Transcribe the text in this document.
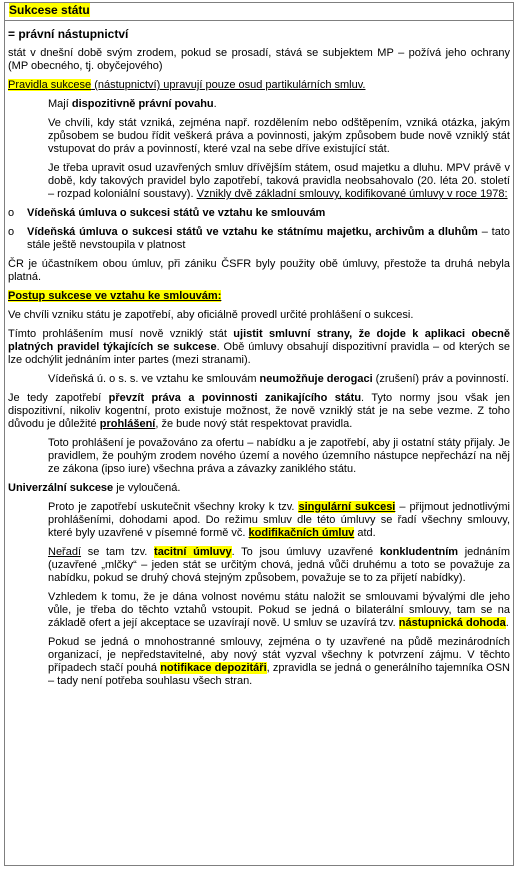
Sukcese státu
= právní nástupnictví

stát v dnešní době svým zrodem, pokud se prosadí, stává se subjektem MP – požívá jeho ochrany (MP obecného, tj. obyčejového)

Pravidla sukcese (nástupnictví) upravují pouze osud partikulárních smluv.

Mají dispozitivně právní povahu.

Ve chvíli, kdy stát vzniká, zejména např. rozdělením nebo odštěpením, vzniká otázka, jakým způsobem se budou řídit veškerá práva a povinnosti, jakým způsobem bude nově vzniklý stát vstupovat do práv a povinností, které vzal na sebe dříve existující stát.

Je třeba upravit osud uzavřených smluv dřívějším státem, osud majetku a dluhu. MPV právě v době, kdy takových pravidel bylo zapotřebí, taková pravidla neobsahovalo (20. léta 20. století – rozpad koloniální soustavy). Vznikly dvě základní smlouvy, kodifikované úmluvy v roce 1978:

o Vídeňská úmluva o sukcesi států ve vztahu ke smlouvám
o Vídeňská úmluva o sukcesi států ve vztahu ke státnímu majetku, archivům a dluhům – tato stále ještě nevstoupila v platnost

ČR je účastníkem obou úmluv, při zániku ČSFR byly použity obě úmluvy, přestože ta druhá nebyla platná.

Postup sukcese ve vztahu ke smlouvám:

Ve chvíli vzniku státu je zapotřebí, aby oficiálně provedl určité prohlášení o sukcesi.

Tímto prohlášením musí nově vzniklý stát ujistit smluvní strany, že dojde k aplikaci obecně platných pravidel týkajících se sukcese. Obě úmluvy obsahují dispozitivní pravidla – od kterých se lze odchýlit jednáním inter partes (mezi stranami).

Vídeňská ú. o s. s. ve vztahu ke smlouvám neumožňuje derogaci (zrušení) práv a povinností.

Je tedy zapotřebí převzít práva a povinnosti zanikajícího státu. Tyto normy jsou však jen dispozitivní, nikoliv kogentní, proto existuje možnost, že nově vzniklý stát je na sebe vezme. Z toho důvodu je důležité prohlášení, že bude nový stát respektovat pravidla.

Toto prohlášení je považováno za ofertu – nabídku a je zapotřebí, aby ji ostatní státy přijaly. Je pravidlem, že pouhým zrodem nového území a nového územního nástupce nepřechází na něj ze zákona (ipso iure) všechna práva a závazky zaniklého státu.

Univerzální sukcese je vyloučená.

Proto je zapotřebí uskutečnit všechny kroky k tzv. singulární sukcesi – přijmout jednotlivými prohlášeními, dohodami apod. Do režimu smluv dle této úmluvy se řadí všechny smlouvy, které byly uzavřené v písemné formě vč. kodifikačních úmluv atd.

Neřadí se tam tzv. tacitní úmluvy. To jsou úmluvy uzavřené konkludentním jednáním (uzavřené „mlčky“ – jeden stát se určitým chová, jedná vůči druhému a toto se považuje za nabídku, pokud se druhý chová stejným způsobem, považuje se to za přijetí nabídky).

Vzhledem k tomu, že je dána volnost novému státu naložit se smlouvami bývalými dle jeho vůle, je třeba do těchto vztahů vstoupit. Pokud se jedná o bilaterální smlouvy, tam se na základě ofert a její akceptace se uzavírají nově. U smluv se uzavírá tzv. nástupnická dohoda.

Pokud se jedná o mnohostranné smlouvy, zejména o ty uzavřené na půdě mezinárodních organizací, je nepředstavitelné, aby nový stát vyzval všechny k potvrzení zájmu. V těchto případech stačí pouhá notifikace depozitáři, zpravidla se jedná o generálního tajemníka OSN – tady není potřeba souhlasu všech stran.
